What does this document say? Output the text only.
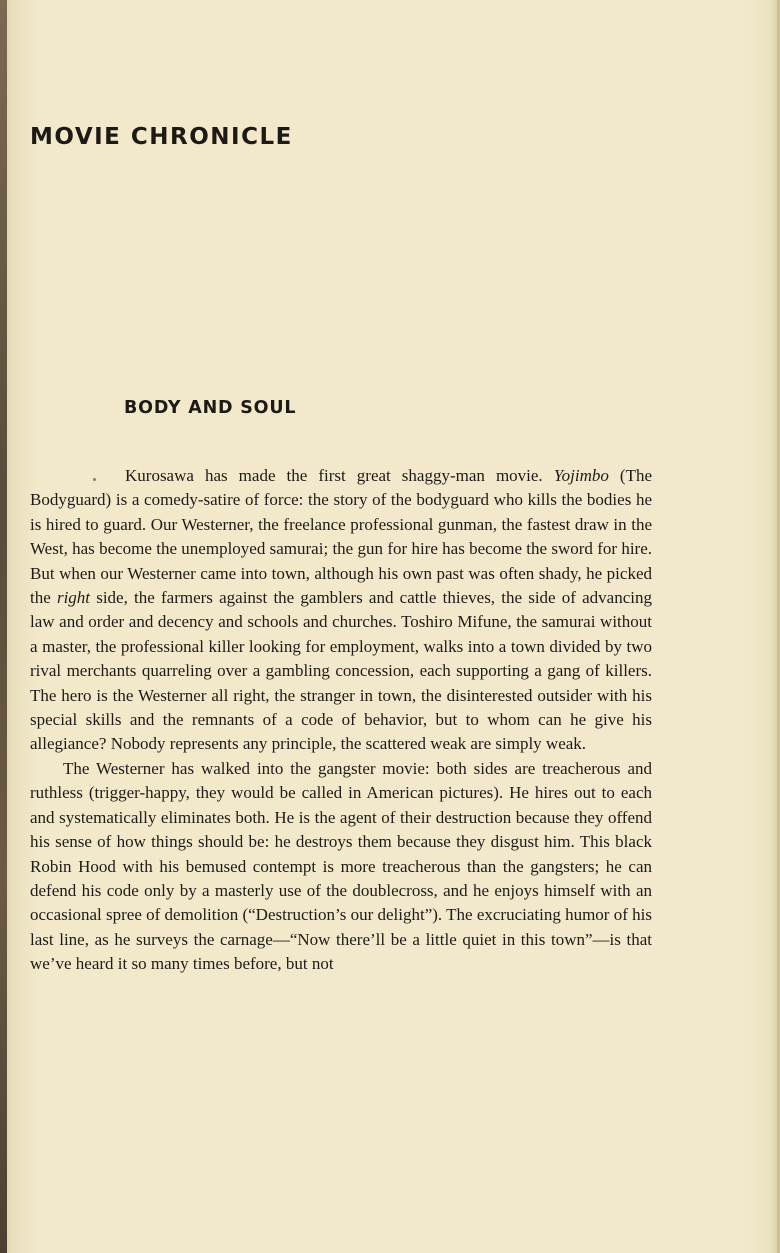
MOVIE CHRONICLE
BODY AND SOUL

Kurosawa has made the first great shaggy-man movie. Yojimbo (The Bodyguard) is a comedy-satire of force: the story of the bodyguard who kills the bodies he is hired to guard. Our Westerner, the freelance professional gunman, the fastest draw in the West, has become the unemployed samurai; the gun for hire has become the sword for hire. But when our Westerner came into town, although his own past was often shady, he picked the right side, the farmers against the gamblers and cattle thieves, the side of advancing law and order and decency and schools and churches. Toshiro Mifune, the samurai without a master, the professional killer looking for employment, walks into a town divided by two rival merchants quarreling over a gambling concession, each supporting a gang of killers. The hero is the Westerner all right, the stranger in town, the disinterested outsider with his special skills and the remnants of a code of behavior, but to whom can he give his allegiance? Nobody represents any principle, the scattered weak are simply weak.

The Westerner has walked into the gangster movie: both sides are treacherous and ruthless (trigger-happy, they would be called in American pictures). He hires out to each and systematically eliminates both. He is the agent of their destruction because they offend his sense of how things should be: he destroys them because they disgust him. This black Robin Hood with his bemused contempt is more treacherous than the gangsters; he can defend his code only by a masterly use of the doublecross, and he enjoys himself with an occasional spree of demolition (“Destruction’s our delight”). The excruciating humor of his last line, as he surveys the carnage—“Now there’ll be a little quiet in this town”—is that we’ve heard it so many times before, but not
